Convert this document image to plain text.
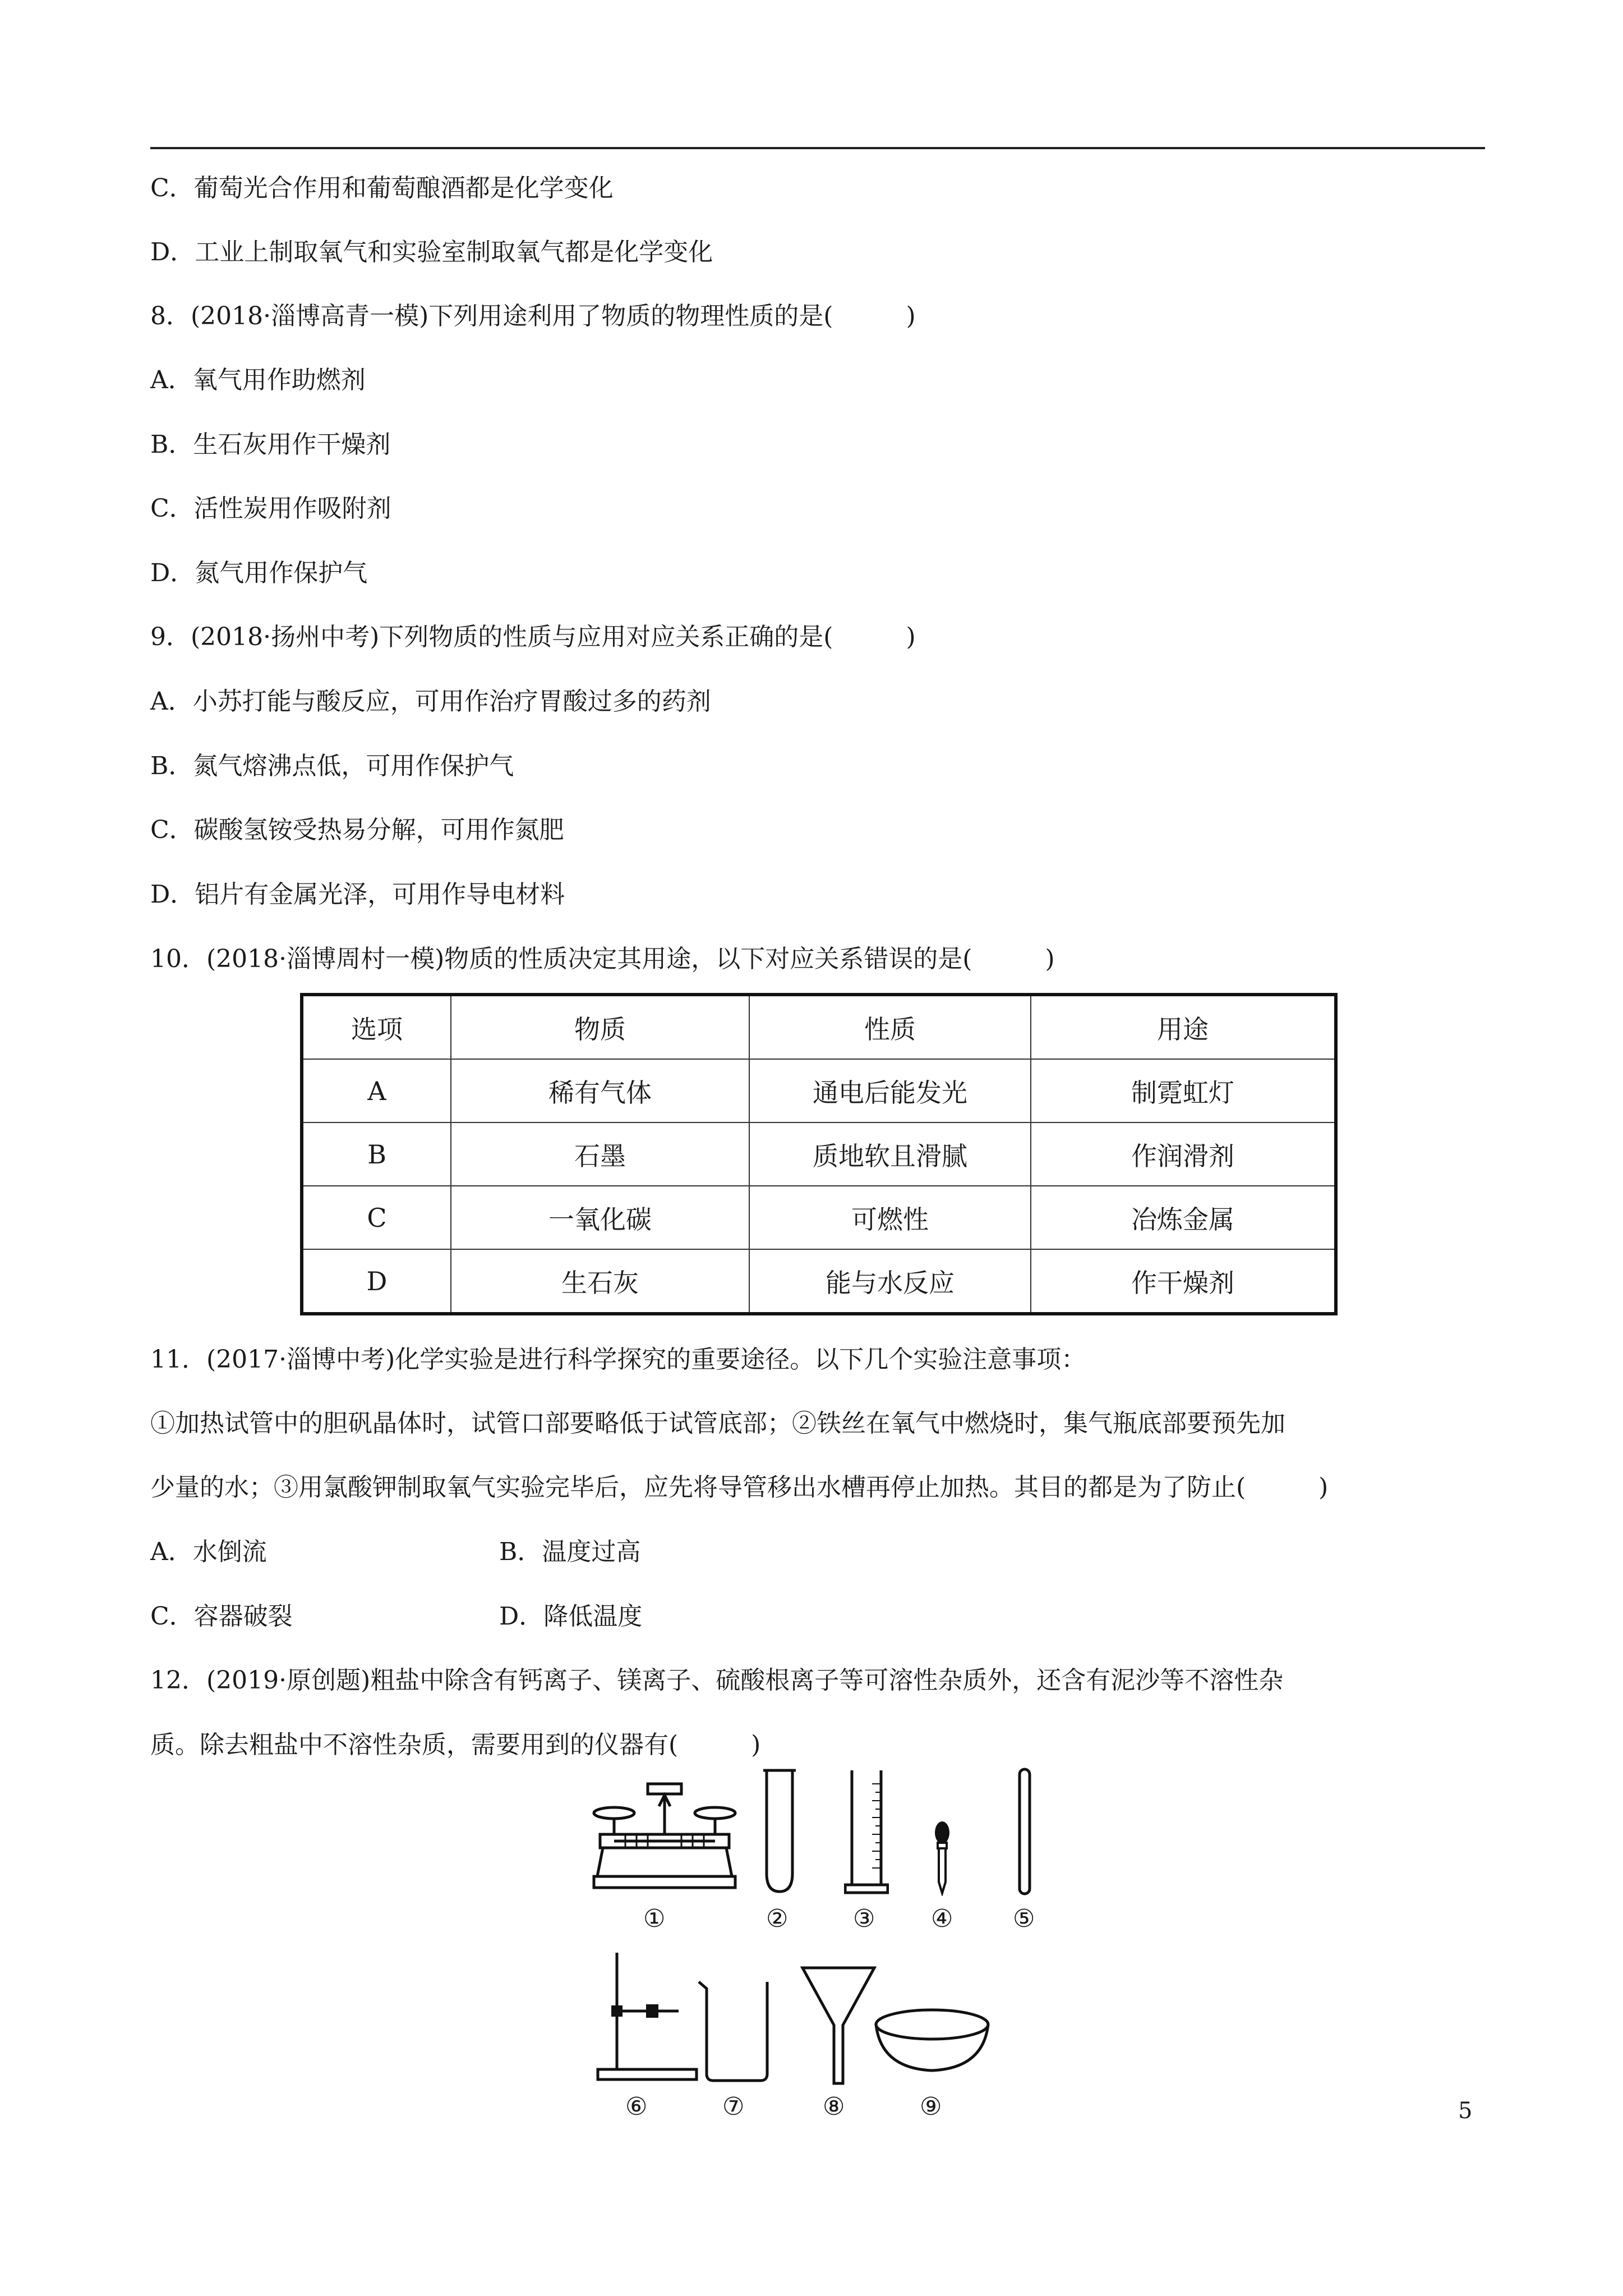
C．葡萄光合作用和葡萄酿酒都是化学变化
D．工业上制取氧气和实验室制取氧气都是化学变化
8．(2018·淄博高青一模)下列用途利用了物质的物理性质的是(	)
A．氧气用作助燃剂
B．生石灰用作干燥剂
C．活性炭用作吸附剂
D．氮气用作保护气
9．(2018·扬州中考)下列物质的性质与应用对应关系正确的是(	)
A．小苏打能与酸反应，可用作治疗胃酸过多的药剂
B．氮气熔沸点低，可用作保护气
C．碳酸氢铵受热易分解，可用作氮肥
D．铝片有金属光泽，可用作导电材料
10．(2018·淄博周村一模)物质的性质决定其用途，以下对应关系错误的是(	)
选项	物质	性质	用途
A	稀有气体	通电后能发光	制霓虹灯
B	石墨	质地软且滑腻	作润滑剂
C	一氧化碳	可燃性	冶炼金属
D	生石灰	能与水反应	作干燥剂
11．(2017·淄博中考)化学实验是进行科学探究的重要途径。以下几个实验注意事项：
①加热试管中的胆矾晶体时，试管口部要略低于试管底部；②铁丝在氧气中燃烧时，集气瓶底部要预先加
少量的水；③用氯酸钾制取氧气实验完毕后，应先将导管移出水槽再停止加热。其目的都是为了防止(	)
A．水倒流	B．温度过高
C．容器破裂	D．降低温度
12．(2019·原创题)粗盐中除含有钙离子、镁离子、硫酸根离子等可溶性杂质外，还含有泥沙等不溶性杂
质。除去粗盐中不溶性杂质，需要用到的仪器有(	)
①	②	③ ④ ⑤
⑥	⑦	⑧	⑨	5
